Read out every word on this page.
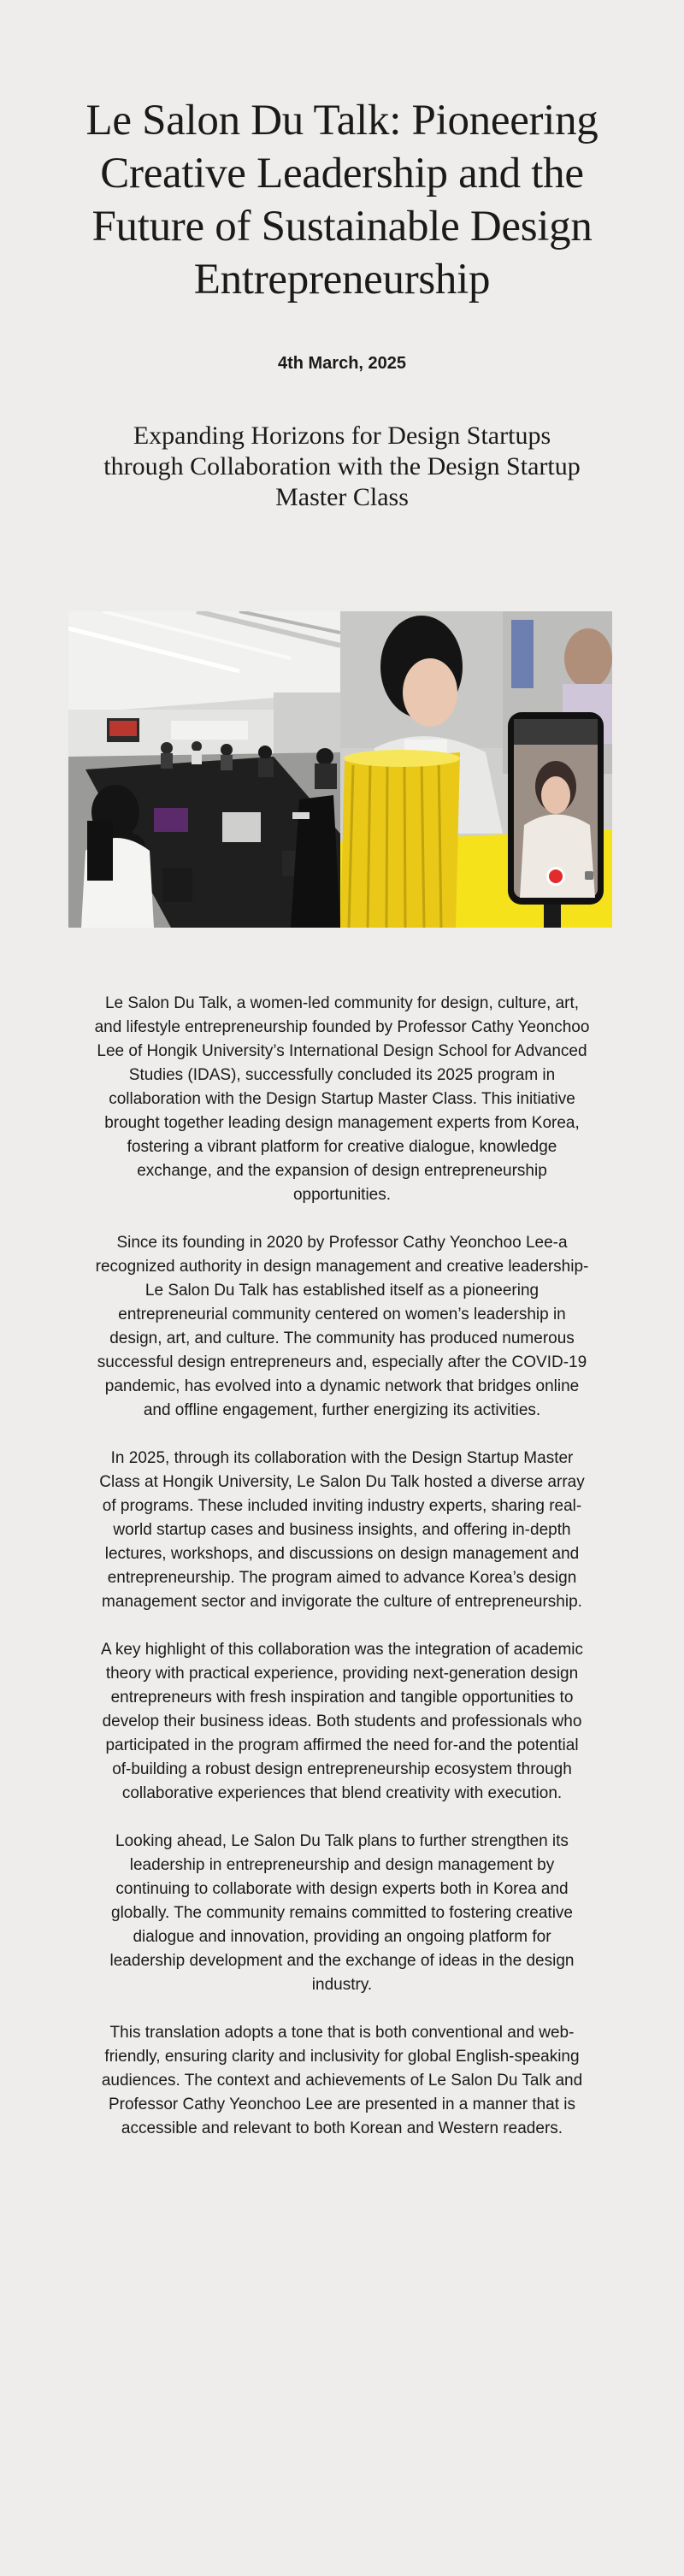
Le Salon Du Talk: Pioneering Creative Leadership and the Future of Sustainable Design Entrepreneurship
4th March, 2025
Expanding Horizons for Design Startups through Collaboration with the Design Startup Master Class

Le Salon Du Talk, a women-led community for design, culture, art, and lifestyle entrepreneurship founded by Professor Cathy Yeonchoo Lee of Hongik University’s International Design School for Advanced Studies (IDAS), successfully concluded its 2025 program in collaboration with the Design Startup Master Class. This initiative brought together leading design management experts from Korea, fostering a vibrant platform for creative dialogue, knowledge exchange, and the expansion of design entrepreneurship opportunities.

Since its founding in 2020 by Professor Cathy Yeonchoo Lee-a recognized authority in design management and creative leadership-Le Salon Du Talk has established itself as a pioneering entrepreneurial community centered on women’s leadership in design, art, and culture. The community has produced numerous successful design entrepreneurs and, especially after the COVID-19 pandemic, has evolved into a dynamic network that bridges online and offline engagement, further energizing its activities.

In 2025, through its collaboration with the Design Startup Master Class at Hongik University, Le Salon Du Talk hosted a diverse array of programs. These included inviting industry experts, sharing real-world startup cases and business insights, and offering in-depth lectures, workshops, and discussions on design management and entrepreneurship. The program aimed to advance Korea’s design management sector and invigorate the culture of entrepreneurship.

A key highlight of this collaboration was the integration of academic theory with practical experience, providing next-generation design entrepreneurs with fresh inspiration and tangible opportunities to develop their business ideas. Both students and professionals who participated in the program affirmed the need for-and the potential of-building a robust design entrepreneurship ecosystem through collaborative experiences that blend creativity with execution.

Looking ahead, Le Salon Du Talk plans to further strengthen its leadership in entrepreneurship and design management by continuing to collaborate with design experts both in Korea and globally. The community remains committed to fostering creative dialogue and innovation, providing an ongoing platform for leadership development and the exchange of ideas in the design industry.

This translation adopts a tone that is both conventional and web-friendly, ensuring clarity and inclusivity for global English-speaking audiences. The context and achievements of Le Salon Du Talk and Professor Cathy Yeonchoo Lee are presented in a manner that is accessible and relevant to both Korean and Western readers.
